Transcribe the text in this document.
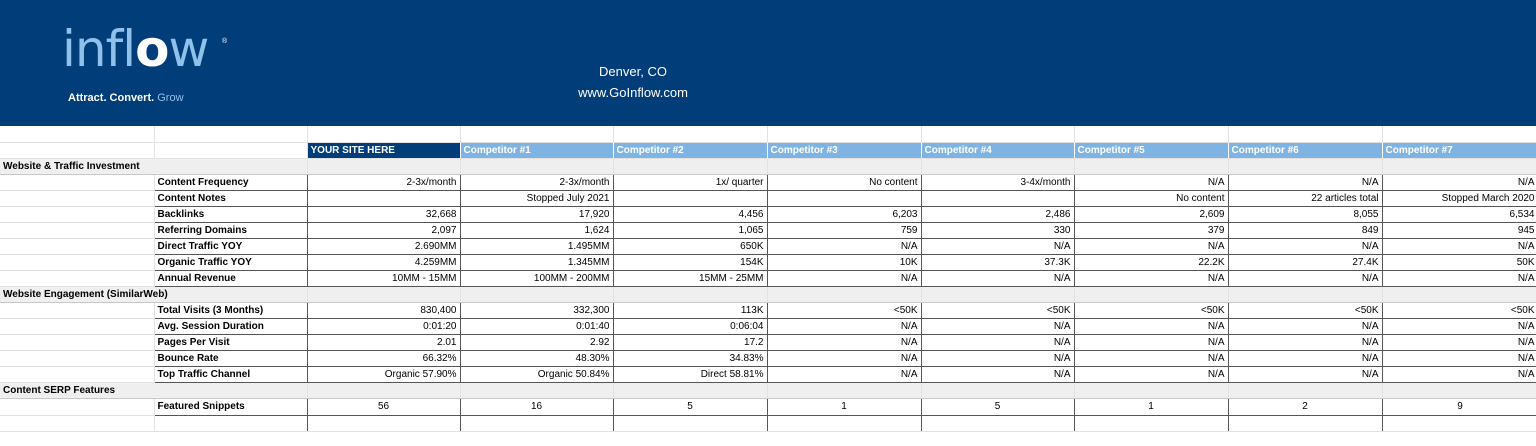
inflow ®
Attract. Convert. Grow
Denver, CO
www.GoInflow.com

		YOUR SITE HERE	Competitor #1	Competitor #2	Competitor #3	Competitor #4	Competitor #5	Competitor #6	Competitor #7
Website & Traffic Investment									
	Content Frequency	2-3x/month	2-3x/month	1x/ quarter	No content	3-4x/month	N/A	N/A	N/A
	Content Notes		Stopped July 2021				No content	22 articles total	Stopped March 2020
	Backlinks	32,668	17,920	4,456	6,203	2,486	2,609	8,055	6,534
	Referring Domains	2,097	1,624	1,065	759	330	379	849	945
	Direct Traffic YOY	2.690MM	1.495MM	650K	N/A	N/A	N/A	N/A	N/A
	Organic Traffic YOY	4.259MM	1.345MM	154K	10K	37.3K	22.2K	27.4K	50K
	Annual Revenue	10MM - 15MM	100MM - 200MM	15MM - 25MM	N/A	N/A	N/A	N/A	N/A
Website Engagement (SimilarWeb)									
	Total Visits (3 Months)	830,400	332,300	113K	<50K	<50K	<50K	<50K	<50K
	Avg. Session Duration	0:01:20	0:01:40	0:06:04	N/A	N/A	N/A	N/A	N/A
	Pages Per Visit	2.01	2.92	17.2	N/A	N/A	N/A	N/A	N/A
	Bounce Rate	66.32%	48.30%	34.83%	N/A	N/A	N/A	N/A	N/A
	Top Traffic Channel	Organic 57.90%	Organic 50.84%	Direct 58.81%	N/A	N/A	N/A	N/A	N/A
Content SERP Features									
	Featured Snippets	56	16	5	1	5	1	2	9
